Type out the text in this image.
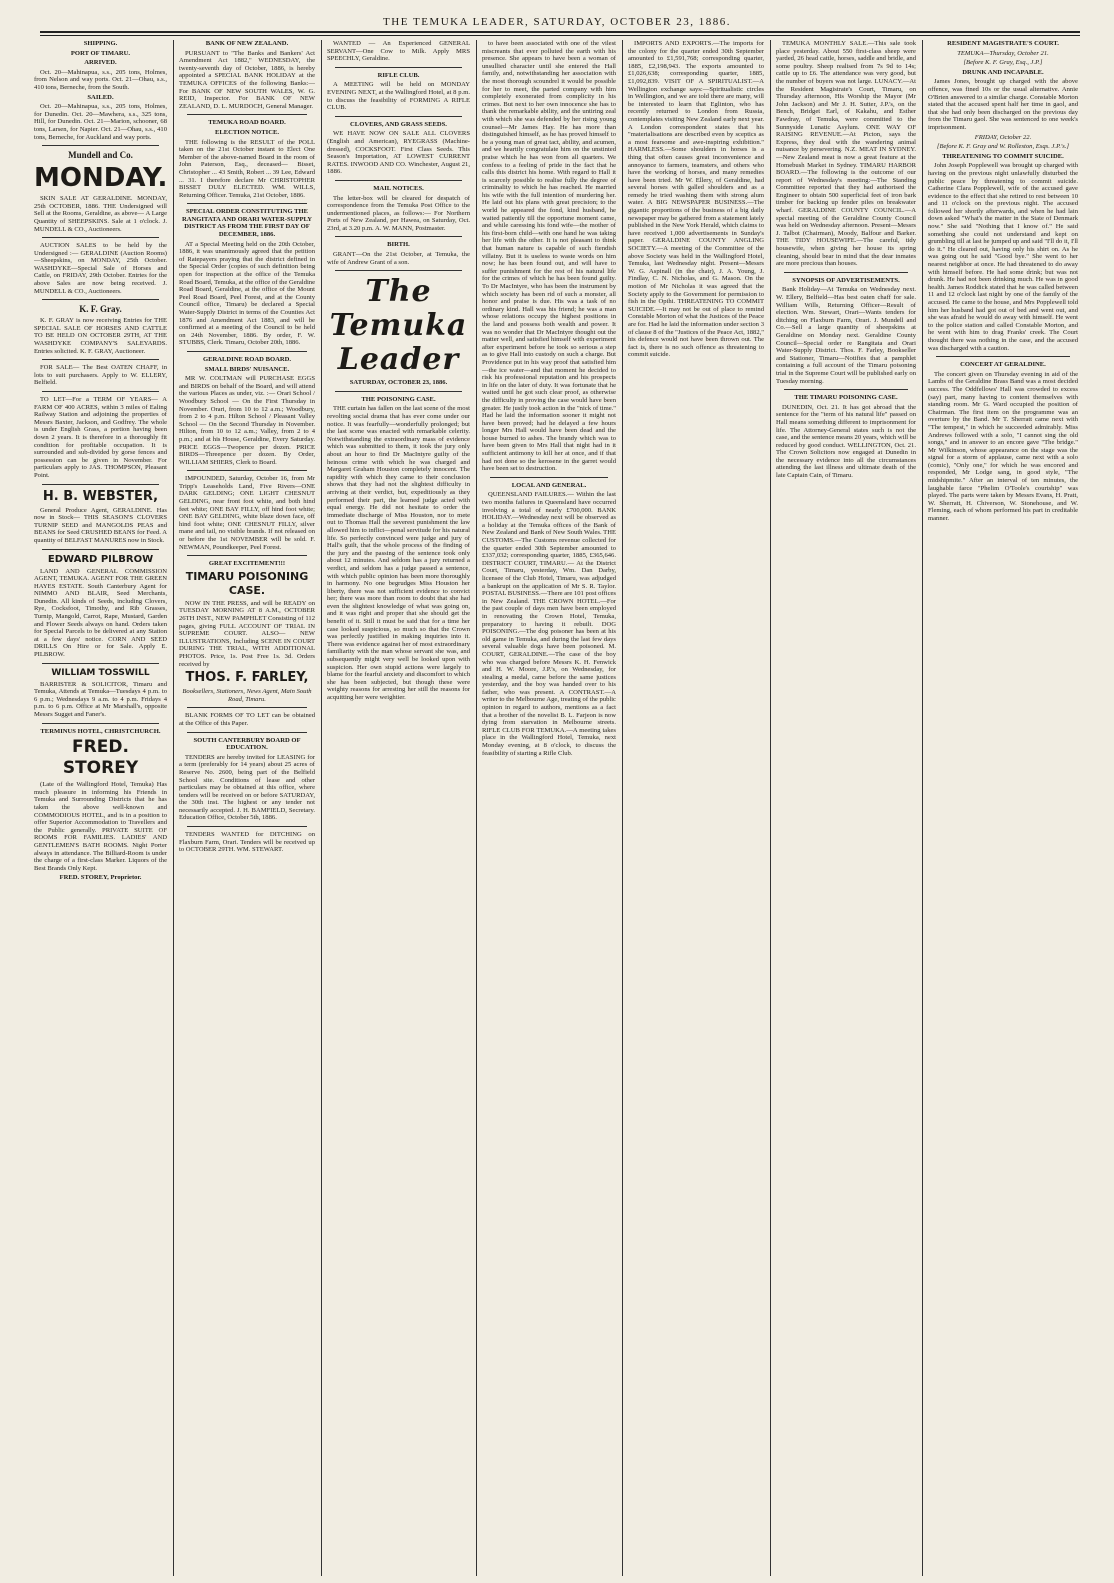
THE TEMUKA LEADER, SATURDAY, OCTOBER 23, 1886.

SHIPPING.

PORT OF TIMARU.

ARRIVED.

Oct. 20—Mahinapua, s.s., 205 tons, Holmes, from Nelson and way ports. Oct. 21—Ohau, s.s., 410 tons, Berneche, from the South.

SAILED.

Oct. 20—Mahinapua, s.s., 205 tons, Holmes, for Dunedin. Oct. 20—Mawhera, s.s., 325 tons, Hill, for Dunedin. Oct. 21—Marion, schooner, 68 tons, Larsen, for Napier. Oct. 21—Ohau, s.s., 410 tons, Berneche, for Auckland and way ports.

Mundell and Co.

MONDAY.

SKIN SALE AT GERALDINE. MONDAY, 25th OCTOBER, 1886. THE Undersigned will Sell at the Rooms, Geraldine, as above— A Large Quantity of SHEEPSKINS. Sale at 1 o'clock. J. MUNDELL & CO., Auctioneers.

AUCTION SALES to be held by the Undersigned :— GERALDINE (Auction Rooms)—Sheepskins, on MONDAY, 25th October. WASHDYKE—Special Sale of Horses and Cattle, on FRIDAY, 29th October. Entries for the above Sales are now being received. J. MUNDELL & CO., Auctioneers.

K. F. Gray.

K. F. GRAY is now receiving Entries for THE SPECIAL SALE OF HORSES AND CATTLE TO BE HELD ON OCTOBER 29TH, AT THE WASHDYKE COMPANY'S SALEYARDS. Entries solicited. K. F. GRAY, Auctioneer.

FOR SALE— The Best OATEN CHAFF, in lots to suit purchasers. Apply to W. ELLERY, Belfield.

TO LET—For a TERM OF YEARS— A FARM OF 400 ACRES, within 3 miles of Ealing Railway Station and adjoining the properties of Messrs Baxter, Jackson, and Godfrey. The whole is under English Grass, a portion having been down 2 years. It is therefore in a thoroughly fit condition for profitable occupation. It is surrounded and sub-divided by gorse fences and possession can be given in November. For particulars apply to JAS. THOMPSON, Pleasant Point.

H. B. WEBSTER,

General Produce Agent, GERALDINE. Has now in Stock— THIS SEASON'S CLOVERS TURNIP SEED and MANGOLDS PEAS and BEANS for Seed CRUSHED BEANS for Feed. A quantity of BELFAST MANURES now in Stock.

EDWARD PILBROW

LAND AND GENERAL COMMISSION AGENT, TEMUKA. AGENT FOR THE GREEN HAYES ESTATE. South Canterbury Agent for NIMMO AND BLAIR, Seed Merchants, Dunedin. All kinds of Seeds, including Clovers, Rye, Cocksfoot, Timothy, and Rib Grasses, Turnip, Mangold, Carrot, Rape, Mustard, Garden and Flower Seeds always on hand. Orders taken for Special Parcels to be delivered at any Station at a few days' notice. CORN AND SEED DRILLS On Hire or for Sale. Apply E. PILBROW.

WILLIAM TOSSWILL

BARRISTER & SOLICITOR, Timaru and Temuka, Attends at Temuka—Tuesdays 4 p.m. to 6 p.m.; Wednesdays 9 a.m. to 4 p.m. Fridays 4 p.m. to 6 p.m. Office at Mr Marshall's, opposite Messrs Sugget and Faner's.

TERMINUS HOTEL, CHRISTCHURCH.

FRED. STOREY

(Late of the Wallingford Hotel, Temuka) Has much pleasure in informing his Friends in Temuka and Surrounding Districts that he has taken the above well-known and COMMODIOUS HOTEL, and is in a position to offer Superior Accommodation to Travellers and the Public generally. PRIVATE SUITE OF ROOMS FOR FAMILIES. LADIES' AND GENTLEMEN'S BATH ROOMS. Night Porter always in attendance. The Billiard-Room is under the charge of a first-class Marker. Liquors of the Best Brands Only Kept.

FRED. STOREY, Proprietor.

BANK OF NEW ZEALAND.

PURSUANT to "The Banks and Bankers' Act Amendment Act 1882," WEDNESDAY, the twenty-seventh day of October, 1886, is hereby appointed a SPECIAL BANK HOLIDAY at the TEMUKA OFFICES of the following Banks:— For BANK OF NEW SOUTH WALES, W. G. REID, Inspector. For BANK OF NEW ZEALAND, D. L. MURDOCH, General Manager.

TEMUKA ROAD BOARD.

ELECTION NOTICE.

THE following is the RESULT of the POLL taken on the 21st October instant to Elect One Member of the above-named Board in the room of John Paterson, Esq., deceased— Bisset, Christopher ... 43 Smith, Robert ... 39 Lee, Edward ... 31. I therefore declare Mr CHRISTOPHER BISSET DULY ELECTED. WM. WILLS, Returning Officer. Temuka, 21st October, 1886.

SPECIAL ORDER CONSTITUTING THE RANGITATA AND ORARI WATER-SUPPLY DISTRICT AS FROM THE FIRST DAY OF DECEMBER, 1886.

AT a Special Meeting held on the 20th October, 1886, it was unanimously agreed that the petition of Ratepayers praying that the district defined in the Special Order (copies of such definition being open for inspection at the office of the Temuka Road Board, Temuka, at the office of the Geraldine Road Board, Geraldine, at the office of the Mount Peel Road Board, Peel Forest, and at the County Council office, Timaru) be declared a Special Water-Supply District in terms of the Counties Act 1876 and Amendment Act 1883, and will be confirmed at a meeting of the Council to be held on 24th November, 1886. By order, F. W. STUBBS, Clerk. Timaru, October 20th, 1886.

GERALDINE ROAD BOARD.

SMALL BIRDS' NUISANCE.

MR W. COLTMAN will PURCHASE EGGS and BIRDS on behalf of the Board, and will attend the various Places as under, viz. :— Orari School / Woodbury School — On the First Thursday in November. Orari, from 10 to 12 a.m.; Woodbury, from 2 to 4 p.m. Hilton School / Pleasant Valley School — On the Second Thursday in November. Hilton, from 10 to 12 a.m.; Valley, from 2 to 4 p.m.; and at his House, Geraldine, Every Saturday. PRICE EGGS—Twopence per dozen. PRICE BIRDS—Threepence per dozen. By Order, WILLIAM SHIERS, Clerk to Board.

IMPOUNDED, Saturday, October 16, from Mr Tripp's Leaseholds Land, Five Rivers—ONE DARK GELDING; ONE LIGHT CHESNUT GELDING, near front foot white, and both hind feet white; ONE BAY FILLY, off hind foot white; ONE BAY GELDING, white blaze down face, off hind foot white; ONE CHESNUT FILLY, silver mane and tail, no visible brands. If not released on or before the 1st NOVEMBER will be sold. F. NEWMAN, Poundkeeper, Peel Forest.

GREAT EXCITEMENT!!!

TIMARU POISONING CASE.

NOW IN THE PRESS, and will be READY on TUESDAY MORNING AT 8 A.M., OCTOBER 26TH INST., NEW PAMPHLET Consisting of 112 pages, giving FULL ACCOUNT OF TRIAL IN SUPREME COURT. ALSO— NEW ILLUSTRATIONS, Including SCENE IN COURT DURING THE TRIAL, WITH ADDITIONAL PHOTOS. Price, 1s. Post Free 1s. 3d. Orders received by

THOS. F. FARLEY,

Booksellers, Stationers, News Agent, Main South Road, Timaru.

BLANK FORMS OF TO LET can be obtained at the Office of this Paper.

SOUTH CANTERBURY BOARD OF EDUCATION.

TENDERS are hereby invited for LEASING for a term (preferably for 14 years) about 25 acres of Reserve No. 2600, being part of the Belfield School site. Conditions of lease and other particulars may be obtained at this office, where tenders will be received on or before SATURDAY, the 30th inst. The highest or any tender not necessarily accepted. J. H. BAMFIELD, Secretary. Education Office, October 5th, 1886.

TENDERS WANTED for DITCHING on Flaxburn Farm, Orari. Tenders will be received up to OCTOBER 29TH. WM. STEWART.

WANTED — An Experienced GENERAL SERVANT—One Cow to Milk. Apply MRS SPEECHLY, Geraldine.

RIFLE CLUB.

A MEETING will be held on MONDAY EVENING NEXT, at the Wallingford Hotel, at 8 p.m. to discuss the feasibility of FORMING A RIFLE CLUB.

CLOVERS, AND GRASS SEEDS.

WE HAVE NOW ON SALE ALL CLOVERS (English and American), RYEGRASS (Machine-dressed), COCKSFOOT. First Class Seeds. This Season's Importation, AT LOWEST CURRENT RATES. INWOOD AND CO. Winchester, August 21, 1886.

MAIL NOTICES.

The letter-box will be cleared for despatch of correspondence from the Temuka Post Office to the undermentioned places, as follows:— For Northern Ports of New Zealand, per Hawea, on Saturday, Oct. 23rd, at 3.20 p.m. A. W. MANN, Postmaster.

BIRTH.

GRANT—On the 21st October, at Temuka, the wife of Andrew Grant of a son.

The Temuka Leader

SATURDAY, OCTOBER 23, 1886.

THE POISONING CASE.

THE curtain has fallen on the last scene of the most revolting social drama that has ever come under our notice. It was fearfully—wonderfully prolonged; but the last scene was enacted with remarkable celerity. Notwithstanding the extraordinary mass of evidence which was submitted to them, it took the jury only about an hour to find Dr MacIntyre guilty of the heinous crime with which he was charged and Margaret Graham Houston completely innocent. The rapidity with which they came to their conclusion shows that they had not the slightest difficulty in arriving at their verdict, but, expeditiously as they performed their part, the learned judge acted with equal energy. He did not hesitate to order the immediate discharge of Miss Houston, nor to mete out to Thomas Hall the severest punishment the law allowed him to inflict—penal servitude for his natural life. So perfectly convinced were judge and jury of Hall's guilt, that the whole process of the finding of the jury and the passing of the sentence took only about 12 minutes. And seldom has a jury returned a verdict, and seldom has a judge passed a sentence, with which public opinion has been more thoroughly in harmony. No one begrudges Miss Houston her liberty, there was not sufficient evidence to convict her; there was more than room to doubt that she had even the slightest knowledge of what was going on, and it was right and proper that she should get the benefit of it. Still it must be said that for a time her case looked suspicious, so much so that the Crown was perfectly justified in making inquiries into it. There was evidence against her of most extraordinary familiarity with the man whose servant she was, and subsequently might very well be looked upon with suspicion. Her own stupid actions were largely to blame for the fearful anxiety and discomfort to which she has been subjected, but though these were weighty reasons for arresting her still the reasons for acquitting her were weightier.

to have been associated with one of the vilest miscreants that ever polluted the earth with his presence. She appears to have been a woman of unsullied character until she entered the Hall family, and, notwithstanding her association with the most thorough scoundrel it would be possible for her to meet, the parted company with him completely exonerated from complicity in his crimes. But next to her own innocence she has to thank the remarkable ability, and the untiring zeal with which she was defended by her rising young counsel—Mr James Hay. He has more than distinguished himself, as he has proved himself to be a young man of great tact, ability, and acumen, and we heartily congratulate him on the unstinted praise which he has won from all quarters. We confess to a feeling of pride in the fact that he calls this district his home. With regard to Hall it is scarcely possible to realise fully the degree of criminality to which he has reached. He married his wife with the full intention of murdering her. He laid out his plans with great precision; to the world he appeared the fond, kind husband, he waited patiently till the opportune moment came, and while caressing his fond wife—the mother of his first-born child—with one hand he was taking her life with the other. It is not pleasant to think that human nature is capable of such fiendish villainy. But it is useless to waste words on him now; he has been found out, and will have to suffer punishment for the rest of his natural life for the crimes of which he has been found guilty. To Dr MacIntyre, who has been the instrument by which society has been rid of such a monster, all honor and praise is due. His was a task of no ordinary kind. Hall was his friend; he was a man whose relations occupy the highest positions in the land and possess both wealth and power. It was no wonder that Dr MacIntyre thought out the matter well, and satisfied himself with experiment after experiment before he took so serious a step as to give Hall into custody on such a charge. But Providence put in his way proof that satisfied him—the ice water—and that moment he decided to risk his professional reputation and his prospects in life on the later of duty. It was fortunate that he waited until he got such clear proof, as otherwise the difficulty in proving the case would have been greater. He justly took action in the "nick of time." Had he laid the information sooner it might not have been proved; had he delayed a few hours longer Mrs Hall would have been dead and the house burned to ashes. The brandy which was to have been given to Mrs Hall that night had in it sufficient antimony to kill her at once, and if that had not done so the kerosene in the garret would have been set to destruction.

LOCAL AND GENERAL.

QUEENSLAND FAILURES.— Within the last two months failures in Queensland have occurred involving a total of nearly £700,000. BANK HOLIDAY.—Wednesday next will be observed as a holiday at the Temuka offices of the Bank of New Zealand and Bank of New South Wales. THE CUSTOMS.—The Customs revenue collected for the quarter ended 30th September amounted to £337,032; corresponding quarter, 1885, £365,646. DISTRICT COURT, TIMARU.— At the District Court, Timaru, yesterday, Wm. Dan Darby, licensee of the Club Hotel, Timaru, was adjudged a bankrupt on the application of Mr S. R. Taylor. POSTAL BUSINESS.—There are 101 post offices in New Zealand. THE CROWN HOTEL.—For the past couple of days men have been employed in renovating the Crown Hotel, Temuka, preparatory to having it rebuilt. DOG POISONING.—The dog poisoner has been at his old game in Temuka, and during the last few days several valuable dogs have been poisoned. M. COURT, GERALDINE.—The case of the boy who was charged before Messrs K. H. Fenwick and H. W. Moore, J.P.'s, on Wednesday, for stealing a medal, came before the same justices yesterday, and the boy was handed over to his father, who was present. A CONTRAST.—A writer to the Melbourne Age, treating of the public opinion in regard to authors, mentions as a fact that a brother of the novelist B. L. Farjeon is now dying from starvation in Melbourne streets. RIFLE CLUB FOR TEMUKA.—A meeting takes place in the Wallingford Hotel, Temuka, next Monday evening, at 8 o'clock, to discuss the feasibility of starting a Rifle Club.

IMPORTS AND EXPORTS.—The imports for the colony for the quarter ended 30th September amounted to £1,591,768; corresponding quarter, 1885, £2,198,943. The exports amounted to £1,026,638; corresponding quarter, 1885, £1,092,839. VISIT OF A SPIRITUALIST.—A Wellington exchange says:—Spiritualistic circles in Wellington, and we are told there are many, will be interested to learn that Eglinton, who has recently returned to London from Russia, contemplates visiting New Zealand early next year. A London correspondent states that his "materialisations are described even by sceptics as a most fearsome and awe-inspiring exhibition." HARMLESS.—Some shoulders in horses is a thing that often causes great inconvenience and annoyance to farmers, teamsters, and others who have the working of horses, and many remedies have been tried. Mr W. Ellery, of Geraldine, had several horses with galled shoulders and as a remedy he tried washing them with strong alum water. A BIG NEWSPAPER BUSINESS.—The gigantic proportions of the business of a big daily newspaper may be gathered from a statement lately published in the New York Herald, which claims to have received 1,000 advertisements in Sunday's paper. GERALDINE COUNTY ANGLING SOCIETY.—A meeting of the Committee of the above Society was held in the Wallingford Hotel, Temuka, last Wednesday night. Present—Messrs W. G. Aspinall (in the chair), J. A. Young, J. Findlay, C. N. Nicholas, and G. Mason. On the motion of Mr Nicholas it was agreed that the Society apply to the Government for permission to fish in the Opihi. THREATENING TO COMMIT SUICIDE.—It may not be out of place to remind Constable Morton of what the Justices of the Peace are for. Had he laid the information under section 3 of clause 8 of the "Justices of the Peace Act, 1882," his defence would not have been thrown out. The fact is, there is no such offence as threatening to commit suicide.

TEMUKA MONTHLY SALE.—This sale took place yesterday. About 550 first-class sheep were yarded, 26 head cattle, horses, saddle and bridle, and some poultry. Sheep realised from 7s 9d to 14s; cattle up to £6. The attendance was very good, but the number of buyers was not large. LUNACY.—At the Resident Magistrate's Court, Timaru, on Thursday afternoon, His Worship the Mayor (Mr John Jackson) and Mr J. H. Sutter, J.P.'s, on the Bench, Bridget Earl, of Kakahu, and Esther Fawdray, of Temuka, were committed to the Sunnyside Lunatic Asylum. ONE WAY OF RAISING REVENUE.—At Picton, says the Express, they deal with the wandering animal nuisance by persevering. N.Z. MEAT IN SYDNEY.—New Zealand meat is now a great feature at the Homebush Market in Sydney. TIMARU HARBOR BOARD.—The following is the outcome of our report of Wednesday's meeting:—The Standing Committee reported that they had authorised the Engineer to obtain 500 superficial feet of iron bark timber for backing up fender piles on breakwater wharf. GERALDINE COUNTY COUNCIL.—A special meeting of the Geraldine County Council was held on Wednesday afternoon. Present—Messrs J. Talbot (Chairman), Moody, Balfour and Barker. THE TIDY HOUSEWIFE.—The careful, tidy housewife, when giving her house its spring cleaning, should bear in mind that the dear inmates are more precious than houses.

SYNOPSIS OF ADVERTISEMENTS.

Bank Holiday—At Temuka on Wednesday next. W. Ellery, Belfield—Has best oaten chaff for sale. William Wills, Returning Officer—Result of election. Wm. Stewart, Orari—Wants tenders for ditching on Flaxburn Farm, Orari. J. Mundell and Co.—Sell a large quantity of sheepskins at Geraldine on Monday next. Geraldine County Council—Special order re Rangitata and Orari Water-Supply District. Thos. F. Farley, Bookseller and Stationer, Timaru—Notifies that a pamphlet containing a full account of the Timaru poisoning trial in the Supreme Court will be published early on Tuesday morning.

THE TIMARU POISONING CASE.

DUNEDIN, Oct. 21. It has got abroad that the sentence for the "term of his natural life" passed on Hall means something different to imprisonment for life. The Attorney-General states such is not the case, and the sentence means 20 years, which will be reduced by good conduct. WELLINGTON, Oct. 21. The Crown Solicitors now engaged at Dunedin in the necessary evidence into all the circumstances attending the last illness and ultimate death of the late Captain Cain, of Timaru.

RESIDENT MAGISTRATE'S COURT.

TEMUKA—Thursday, October 21.

[Before K. F. Gray, Esq., J.P.]

DRUNK AND INCAPABLE.

James Jones, brought up charged with the above offence, was fined 10s or the usual alternative. Annie O'Brien answered to a similar charge. Constable Morton stated that the accused spent half her time in gaol, and that she had only been discharged on the previous day from the Timaru gaol. She was sentenced to one week's imprisonment.

FRIDAY, October 22.

[Before K. F. Gray and W. Rolleston, Esqs. J.P.'s.]

THREATENING TO COMMIT SUICIDE.

John Joseph Popplewell was brought up charged with having on the previous night unlawfully disturbed the public peace by threatening to commit suicide. Catherine Clara Popplewell, wife of the accused gave evidence to the effect that she retired to rest between 10 and 11 o'clock on the previous night. The accused followed her shortly afterwards, and when he had lain down asked "What's the matter in the State of Denmark now." She said "Nothing that I know of." He said something she could not understand and kept on grumbling till at last he jumped up and said "I'll do it, I'll do it." He cleared out, having only his shirt on. As he was going out he said "Good bye." She went to her nearest neighbor at once. He had threatened to do away with himself before. He had some drink; but was not drunk. He had not been drinking much. He was in good health. James Roddick stated that he was called between 11 and 12 o'clock last night by one of the family of the accused. He came to the house, and Mrs Popplewell told him her husband had got out of bed and went out, and she was afraid he would do away with himself. He went to the police station and called Constable Morton, and he went with him to drag Franks' creek. The Court thought there was nothing in the case, and the accused was discharged with a caution.

CONCERT AT GERALDINE.

The concert given on Thursday evening in aid of the Lambs of the Geraldine Brass Band was a most decided success. The Oddfellows' Hall was crowded to excess (say) part, many having to content themselves with standing room. Mr G. Ward occupied the position of Chairman. The first item on the programme was an overture by the Band. Mr T. Sherratt came next with "The tempest," in which he succeeded admirably. Miss Andrews followed with a solo, "I cannot sing the old songs," and in answer to an encore gave "The bridge." Mr Wilkinson, whose appearance on the stage was the signal for a storm of applause, came next with a solo (comic), "Only one," for which he was encored and responded, Mr Lodge sang, in good style, "The midshipmite." After an interval of ten minutes, the laughable farce "Phelim O'Toole's courtship" was played. The parts were taken by Messrs Evans, H. Pratt, W. Sherratt, H. Chiverson, W. Stonehouse, and W. Fleming, each of whom performed his part in creditable manner.
